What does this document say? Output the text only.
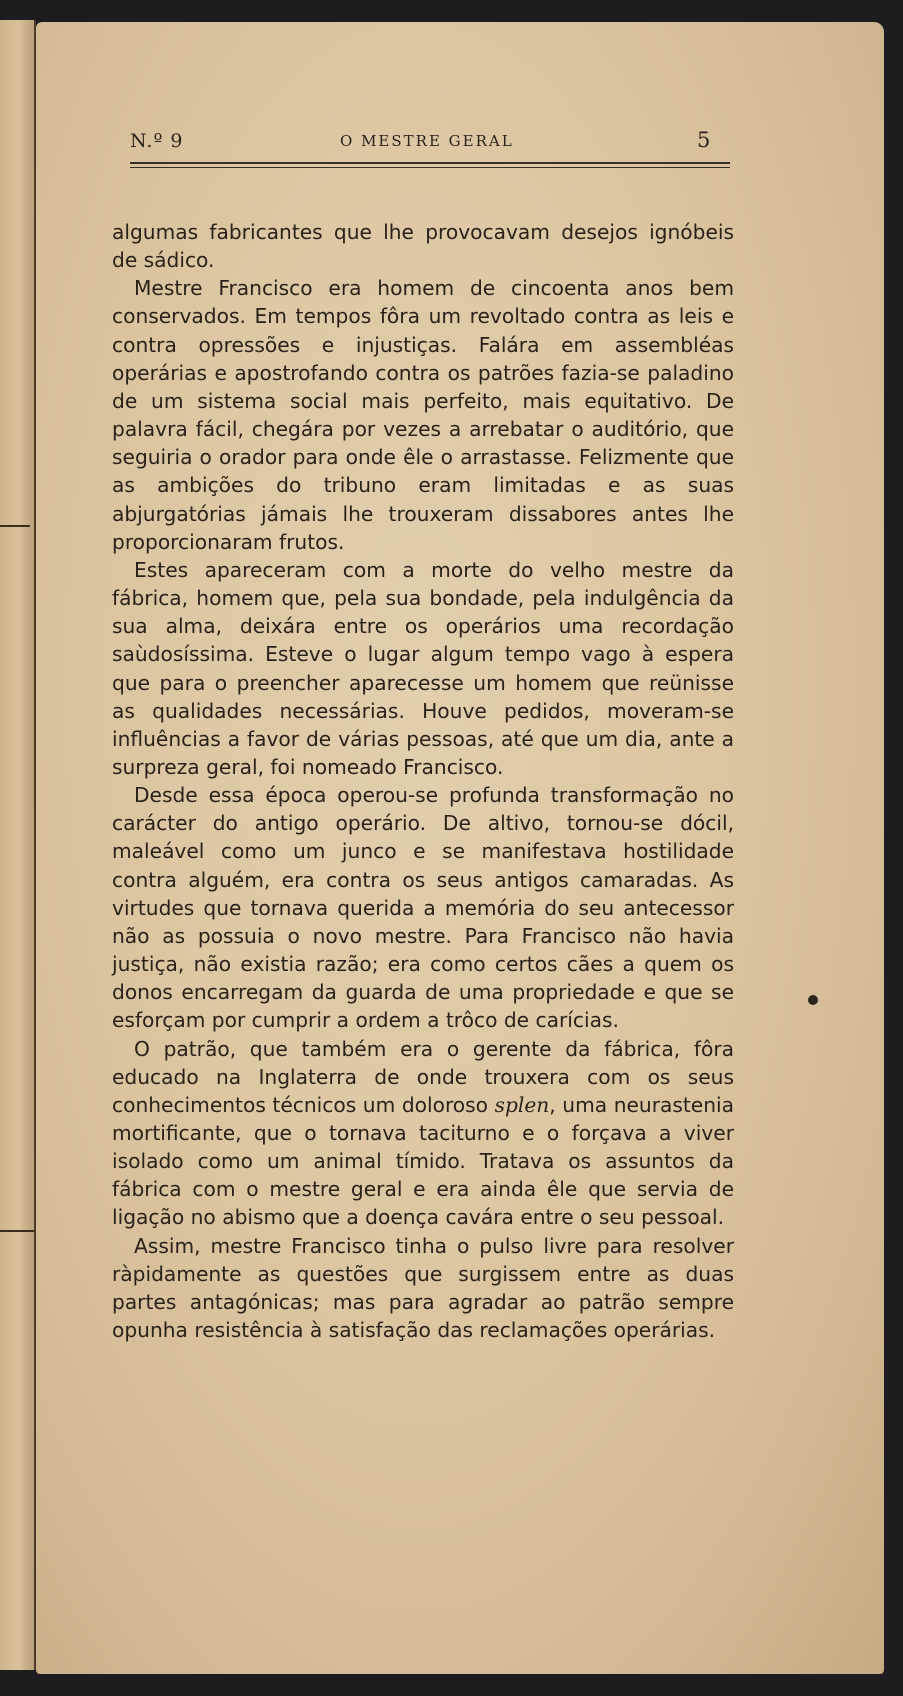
N.º 9	O MESTRE GERAL	5

algumas fabricantes que lhe provocavam desejos ignóbeis de sádico.

Mestre Francisco era homem de cincoenta anos bem conservados. Em tempos fôra um revoltado contra as leis e contra opressões e injustiças. Falára em assembléas operárias e apostrofando contra os patrões fazia-se paladino de um sistema social mais perfeito, mais equitativo. De palavra fácil, chegára por vezes a arrebatar o auditório, que seguiria o orador para onde êle o arrastasse. Felizmente que as ambições do tribuno eram limitadas e as suas abjurgatórias jámais lhe trouxeram dissabores antes lhe proporcionaram frutos.

Estes apareceram com a morte do velho mestre da fábrica, homem que, pela sua bondade, pela indulgência da sua alma, deixára entre os operários uma recordação saùdosíssima. Esteve o lugar algum tempo vago à espera que para o preencher aparecesse um homem que reünisse as qualidades necessárias. Houve pedidos, moveram-se influências a favor de várias pessoas, até que um dia, ante a surpreza geral, foi nomeado Francisco.

Desde essa época operou-se profunda transformação no carácter do antigo operário. De altivo, tornou-se dócil, maleável como um junco e se manifestava hostilidade contra alguém, era contra os seus antigos camaradas. As virtudes que tornava querida a memória do seu antecessor não as possuia o novo mestre. Para Francisco não havia justiça, não existia razão; era como certos cães a quem os donos encarregam da guarda de uma propriedade e que se esforçam por cumprir a ordem a trôco de carícias.

O patrão, que também era o gerente da fábrica, fôra educado na Inglaterra de onde trouxera com os seus conhecimentos técnicos um doloroso splen, uma neurastenia mortificante, que o tornava taciturno e o forçava a viver isolado como um animal tímido. Tratava os assuntos da fábrica com o mestre geral e era ainda êle que servia de ligação no abismo que a doença cavára entre o seu pessoal.

Assim, mestre Francisco tinha o pulso livre para resolver ràpidamente as questões que surgissem entre as duas partes antagónicas; mas para agradar ao patrão sempre opunha resistência à satisfação das reclamações operárias.
